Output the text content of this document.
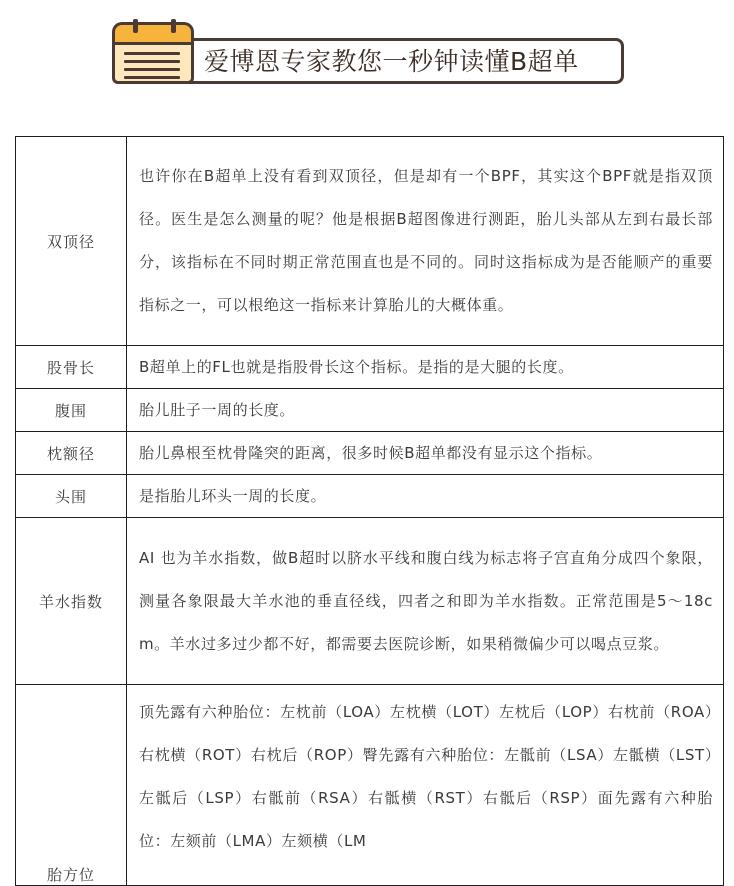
爱博恩专家教您一秒钟读懂B超单
双顶径	也许你在B超单上没有看到双顶径，但是却有一个BPF，其实这个BPF就是指双顶径。医生是怎么测量的呢？他是根据B超图像进行测距，胎儿头部从左到右最长部分，该指标在不同时期正常范围直也是不同的。同时这指标成为是否能顺产的重要指标之一，可以根绝这一指标来计算胎儿的大概体重。
股骨长	B超单上的FL也就是指股骨长这个指标。是指的是大腿的长度。
腹围	胎儿肚子一周的长度。
枕额径	胎儿鼻根至枕骨隆突的距离，很多时候B超单都没有显示这个指标。
头围	是指胎儿环头一周的长度。
羊水指数	AI 也为羊水指数，做B超时以脐水平线和腹白线为标志将子宫直角分成四个象限，测量各象限最大羊水池的垂直径线，四者之和即为羊水指数。正常范围是5～18cm。羊水过多过少都不好，都需要去医院诊断，如果稍微偏少可以喝点豆浆。
胎方位	顶先露有六种胎位：左枕前（LOA）左枕横（LOT）左枕后（LOP）右枕前（ROA）右枕横（ROT）右枕后（ROP）臀先露有六种胎位：左骶前（LSA）左骶横（LST）左骶后（LSP）右骶前（RSA）右骶横（RST）右骶后（RSP）面先露有六种胎位：左颏前（LMA）左颏横（LM
